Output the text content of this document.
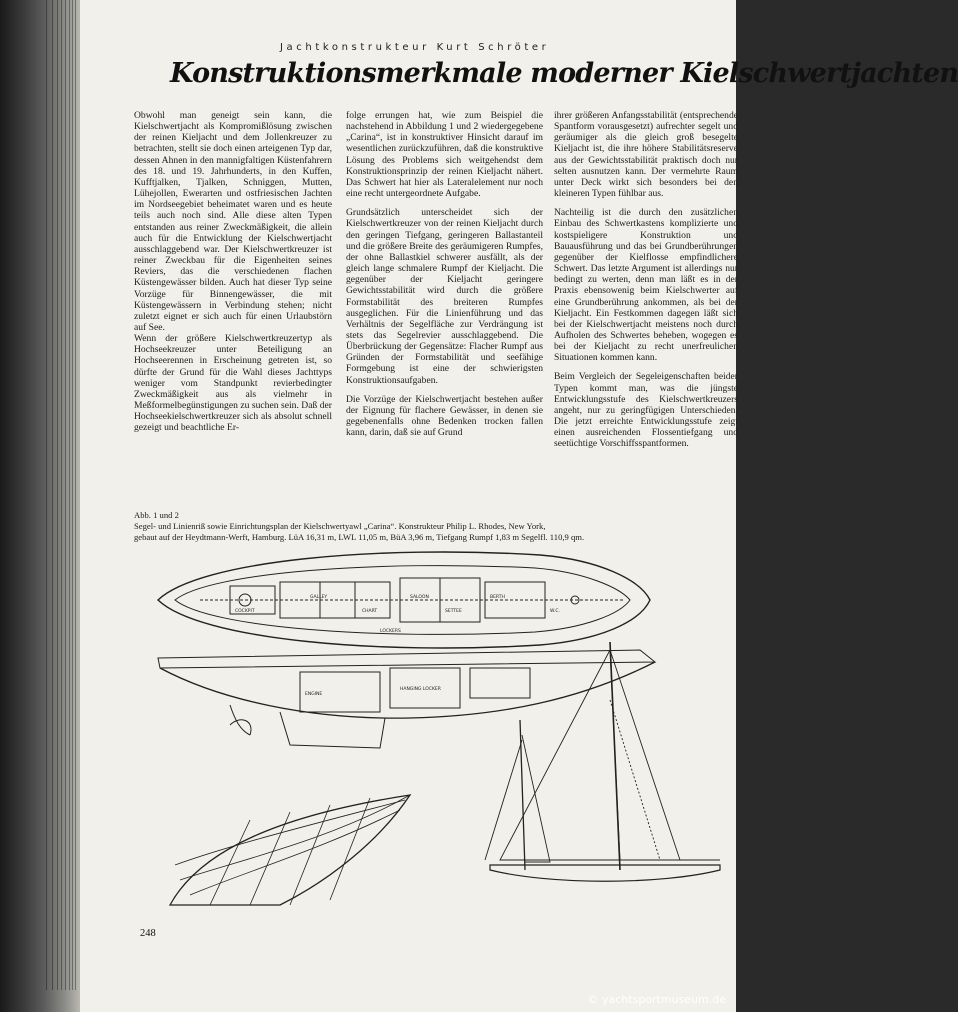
Jachtkonstrukteur Kurt Schröter
Konstruktionsmerkmale moderner Kielschwertjachten

Obwohl man geneigt sein kann, die Kielschwertjacht als Kompromißlösung zwischen der reinen Kieljacht und dem Jollenkreuzer zu betrachten, stellt sie doch einen arteigenen Typ dar, dessen Ahnen in den mannigfaltigen Küstenfahrern des 18. und 19. Jahrhunderts, in den Kuffen, Kufftjalken, Tjalken, Schniggen, Mutten, Lühejollen, Ewerarten und ostfriesischen Jachten im Nordseegebiet beheimatet waren und es heute teils auch noch sind. Alle diese alten Typen entstanden aus reiner Zweckmäßigkeit, die allein auch für die Entwicklung der Kielschwertjacht ausschlaggebend war. Der Kielschwertkreuzer ist reiner Zweckbau für die Eigenheiten seines Reviers, das die verschiedenen flachen Küstengewässer bilden. Auch hat dieser Typ seine Vorzüge für Binnengewässer, die mit Küstengewässern in Verbindung stehen; nicht zuletzt eignet er sich auch für einen Urlaubstörn auf See.

Wenn der größere Kielschwertkreuzertyp als Hochseekreuzer unter Beteiligung an Hochseerennen in Erscheinung getreten ist, so dürfte der Grund für die Wahl dieses Jachttyps weniger vom Standpunkt revierbedingter Zweckmäßigkeit aus als vielmehr in Meßformelbegünstigungen zu suchen sein. Daß der Hochseekielschwertkreuzer sich als absolut schnell gezeigt und beachtliche Er-

folge errungen hat, wie zum Beispiel die nachstehend in Abbildung 1 und 2 wiedergegebene „Carina“, ist in konstruktiver Hinsicht darauf im wesentlichen zurückzuführen, daß die konstruktive Lösung des Problems sich weitgehendst dem Konstruktionsprinzip der reinen Kieljacht nähert. Das Schwert hat hier als Lateralelement nur noch eine recht untergeordnete Aufgabe.

Grundsätzlich unterscheidet sich der Kielschwertkreuzer von der reinen Kieljacht durch den geringen Tiefgang, geringeren Ballastanteil und die größere Breite des geräumigeren Rumpfes, der ohne Ballastkiel schwerer ausfällt, als der gleich lange schmalere Rumpf der Kieljacht. Die gegenüber der Kieljacht geringere Gewichtsstabilität wird durch die größere Formstabilität des breiteren Rumpfes ausgeglichen. Für die Linienführung und das Verhältnis der Segelfläche zur Verdrängung ist stets das Segelrevier ausschlaggebend. Die Überbrückung der Gegensätze: Flacher Rumpf aus Gründen der Formstabilität und seefähige Formgebung ist eine der schwierigsten Konstruktionsaufgaben.

Die Vorzüge der Kielschwertjacht bestehen außer der Eignung für flachere Gewässer, in denen sie gegebenenfalls ohne Bedenken trocken fallen kann, darin, daß sie auf Grund

ihrer größeren Anfangsstabilität (entsprechende Spantform vorausgesetzt) aufrechter segelt und geräumiger als die gleich groß besegelte Kieljacht ist, die ihre höhere Stabilitätsreserve aus der Gewichtsstabilität praktisch doch nur selten ausnutzen kann. Der vermehrte Raum unter Deck wirkt sich besonders bei den kleineren Typen fühlbar aus.

Nachteilig ist die durch den zusätzlichen Einbau des Schwertkastens komplizierte und kostspieligere Konstruktion und Bauausführung und das bei Grundberührungen gegenüber der Kielflosse empfindlichere Schwert. Das letzte Argument ist allerdings nur bedingt zu werten, denn man läßt es in der Praxis ebensowenig beim Kielschwerter auf eine Grundberührung ankommen, als bei der Kieljacht. Ein Festkommen dagegen läßt sich bei der Kielschwertjacht meistens noch durch Aufholen des Schwertes beheben, wogegen es bei der Kieljacht zu recht unerfreulichen Situationen kommen kann.

Beim Vergleich der Segeleigenschaften beider Typen kommt man, was die jüngste Entwicklungsstufe des Kielschwertkreuzers angeht, nur zu geringfügigen Unterschieden. Die jetzt erreichte Entwicklungsstufe zeigt einen ausreichenden Flossentiefgang und seetüchtige Vorschiffsspantformen.

Abb. 1 und 2
Segel- und Linienriß sowie Einrichtungsplan der Kielschwertyawl „Carina“. Konstrukteur Philip L. Rhodes, New York,
gebaut auf der Heydtmann-Werft, Hamburg. LüA 16,31 m, LWL 11,05 m, BüA 3,96 m, Tiefgang Rumpf 1,83 m Segelfl. 110,9 qm.
SALOON
GALLEY	BERTH
COCKPIT	CHART	SETTEE	W.C.
LOCKERS
HANGING LOCKER
ENGINE
248
© yachtsportmuseum.de
